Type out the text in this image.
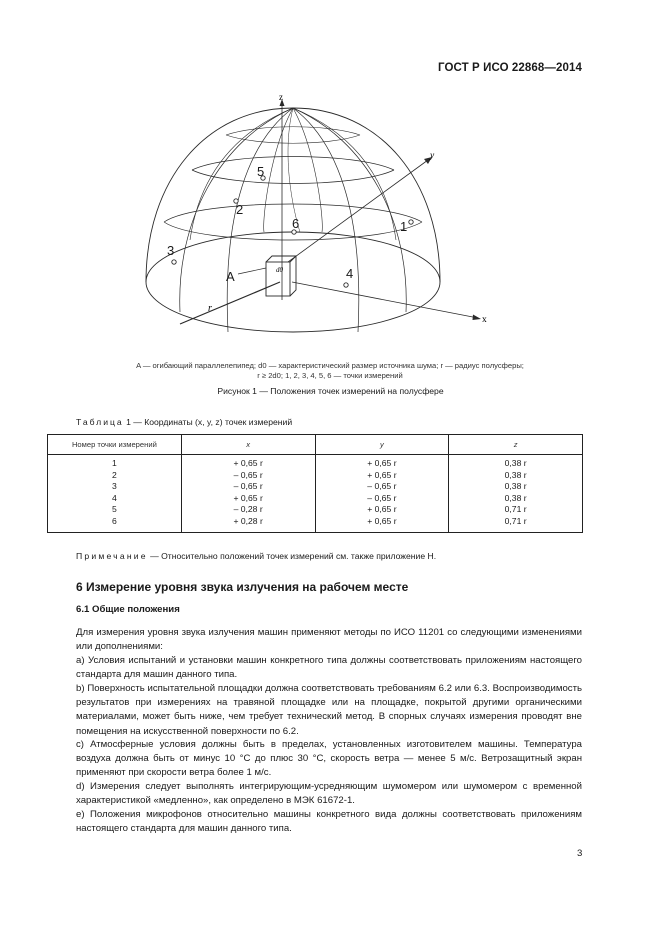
ГОСТ Р ИСО 22868—2014
z
y
x
r
1
2
3
4
5
6
A	d0
A — огибающий параллелепипед; d0 — характеристический размер источника шума; r — радиус полусферы;
r ≥ 2d0; 1, 2, 3, 4, 5, 6 — точки измерений
Рисунок 1 — Положения точек измерений на полусфере
Таблица 1 — Координаты (x, y, z) точек измерений
Номер точки измерений	x	y	z
1	+ 0,65 r	+ 0,65 r	0,38 r
2	– 0,65 r	+ 0,65 r	0,38 r
3	– 0,65 r	– 0,65 r	0,38 r
4	+ 0,65 r	– 0,65 r	0,38 r
5	– 0,28 r	+ 0,65 r	0,71 r
6	+ 0,28 r	+ 0,65 r	0,71 r
Примечание — Относительно положений точек измерений см. также приложение Н.
6 Измерение уровня звука излучения на рабочем месте
6.1 Общие положения

Для измерения уровня звука излучения машин применяют методы по ИСО 11201 со следующими изменениями или дополнениями:

a) Условия испытаний и установки машин конкретного типа должны соответствовать приложениям настоящего стандарта для машин данного типа.

b) Поверхность испытательной площадки должна соответствовать требованиям 6.2 или 6.3. Воспроизводимость результатов при измерениях на травяной площадке или на площадке, покрытой другими органическими материалами, может быть ниже, чем требует технический метод. В спорных случаях измерения проводят вне помещения на искусственной поверхности по 6.2.

c) Атмосферные условия должны быть в пределах, установленных изготовителем машины. Температура воздуха должна быть от минус 10 °С до плюс 30 °С, скорость ветра — менее 5 м/с. Ветрозащитный экран применяют при скорости ветра более 1 м/с.

d) Измерения следует выполнять интегрирующим-усредняющим шумомером или шумомером с временной характеристикой «медленно», как определено в МЭК 61672-1.

e) Положения микрофонов относительно машины конкретного вида должны соответствовать приложениям настоящего стандарта для машин данного типа.

3
